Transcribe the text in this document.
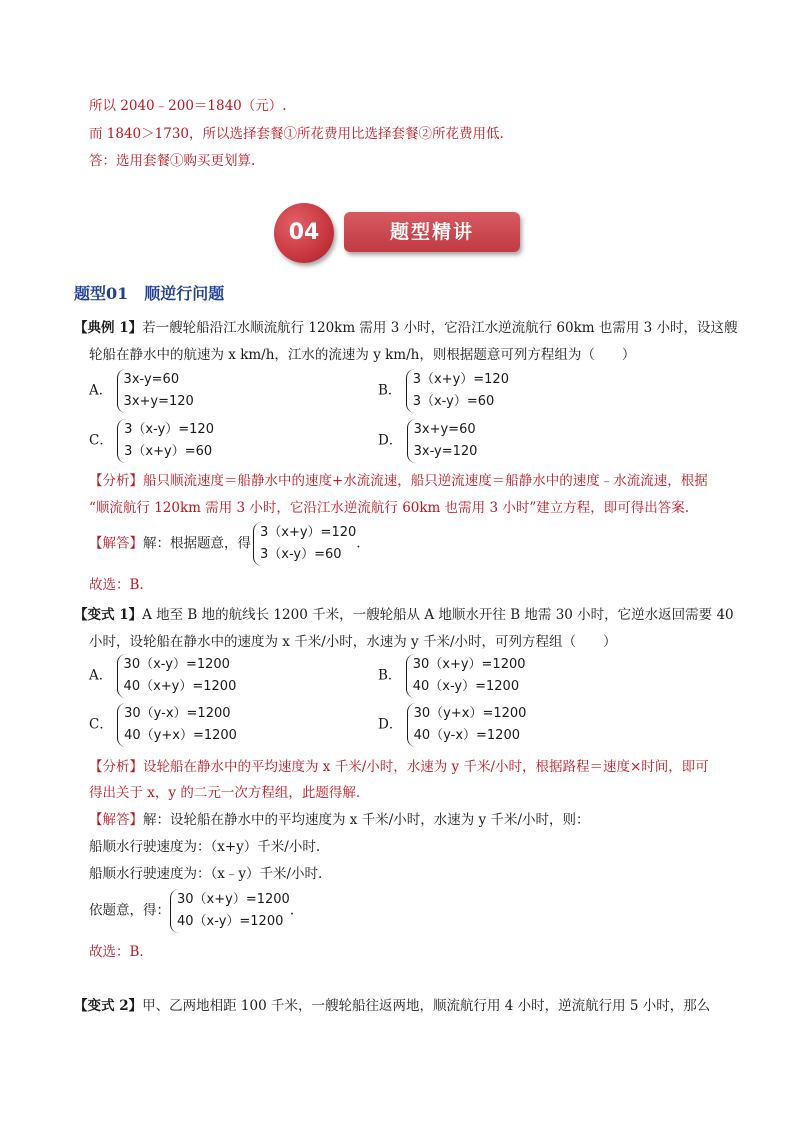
所以 2040﹣200＝1840（元）.
而 1840＞1730，所以选择套餐①所花费用比选择套餐②所花费用低.
答：选用套餐①购买更划算.
题型精讲
04
题型01　顺逆行问题
【典例 1】若一艘轮船沿江水顺流航行 120km 需用 3 小时，它沿江水逆流航行 60km 也需用 3 小时，设这艘
轮船在静水中的航速为 x km/h，江水的流速为 y km/h，则根据题意可列方程组为（　　）
A． 3x-y=60
3x+y=120
B． 3（x+y）=120
3（x-y）=60
C． 3（x-y）=120
3（x+y）=60
D． 3x+y=60
3x-y=120
【分析】船只顺流速度＝船静水中的速度+水流流速，船只逆流速度＝船静水中的速度﹣水流流速，根据
“顺流航行 120km 需用 3 小时，它沿江水逆流航行 60km 也需用 3 小时”建立方程，即可得出答案.
【解答】解：根据题意，得3（x+y）=120
3（x-y）=60.
故选：B.
【变式 1】A 地至 B 地的航线长 1200 千米，一艘轮船从 A 地顺水开往 B 地需 30 小时，它逆水返回需要 40
小时，设轮船在静水中的速度为 x 千米/小时，水速为 y 千米/小时，可列方程组（　　）
A． 30（x-y）=1200
40（x+y）=1200
B． 30（x+y）=1200
40（x-y）=1200
C． 30（y-x）=1200
40（y+x）=1200
D． 30（y+x）=1200
40（y-x）=1200
【分析】设轮船在静水中的平均速度为 x 千米/小时，水速为 y 千米/小时，根据路程＝速度×时间，即可
得出关于 x，y 的二元一次方程组，此题得解.
【解答】解：设轮船在静水中的平均速度为 x 千米/小时，水速为 y 千米/小时，则：
船顺水行驶速度为：（x+y）千米/小时.
船顺水行驶速度为：（x﹣y）千米/小时.
依题意，得：30（x+y）=1200
40（x-y）=1200.
故选：B.
【变式 2】甲、乙两地相距 100 千米，一艘轮船往返两地，顺流航行用 4 小时，逆流航行用 5 小时，那么
